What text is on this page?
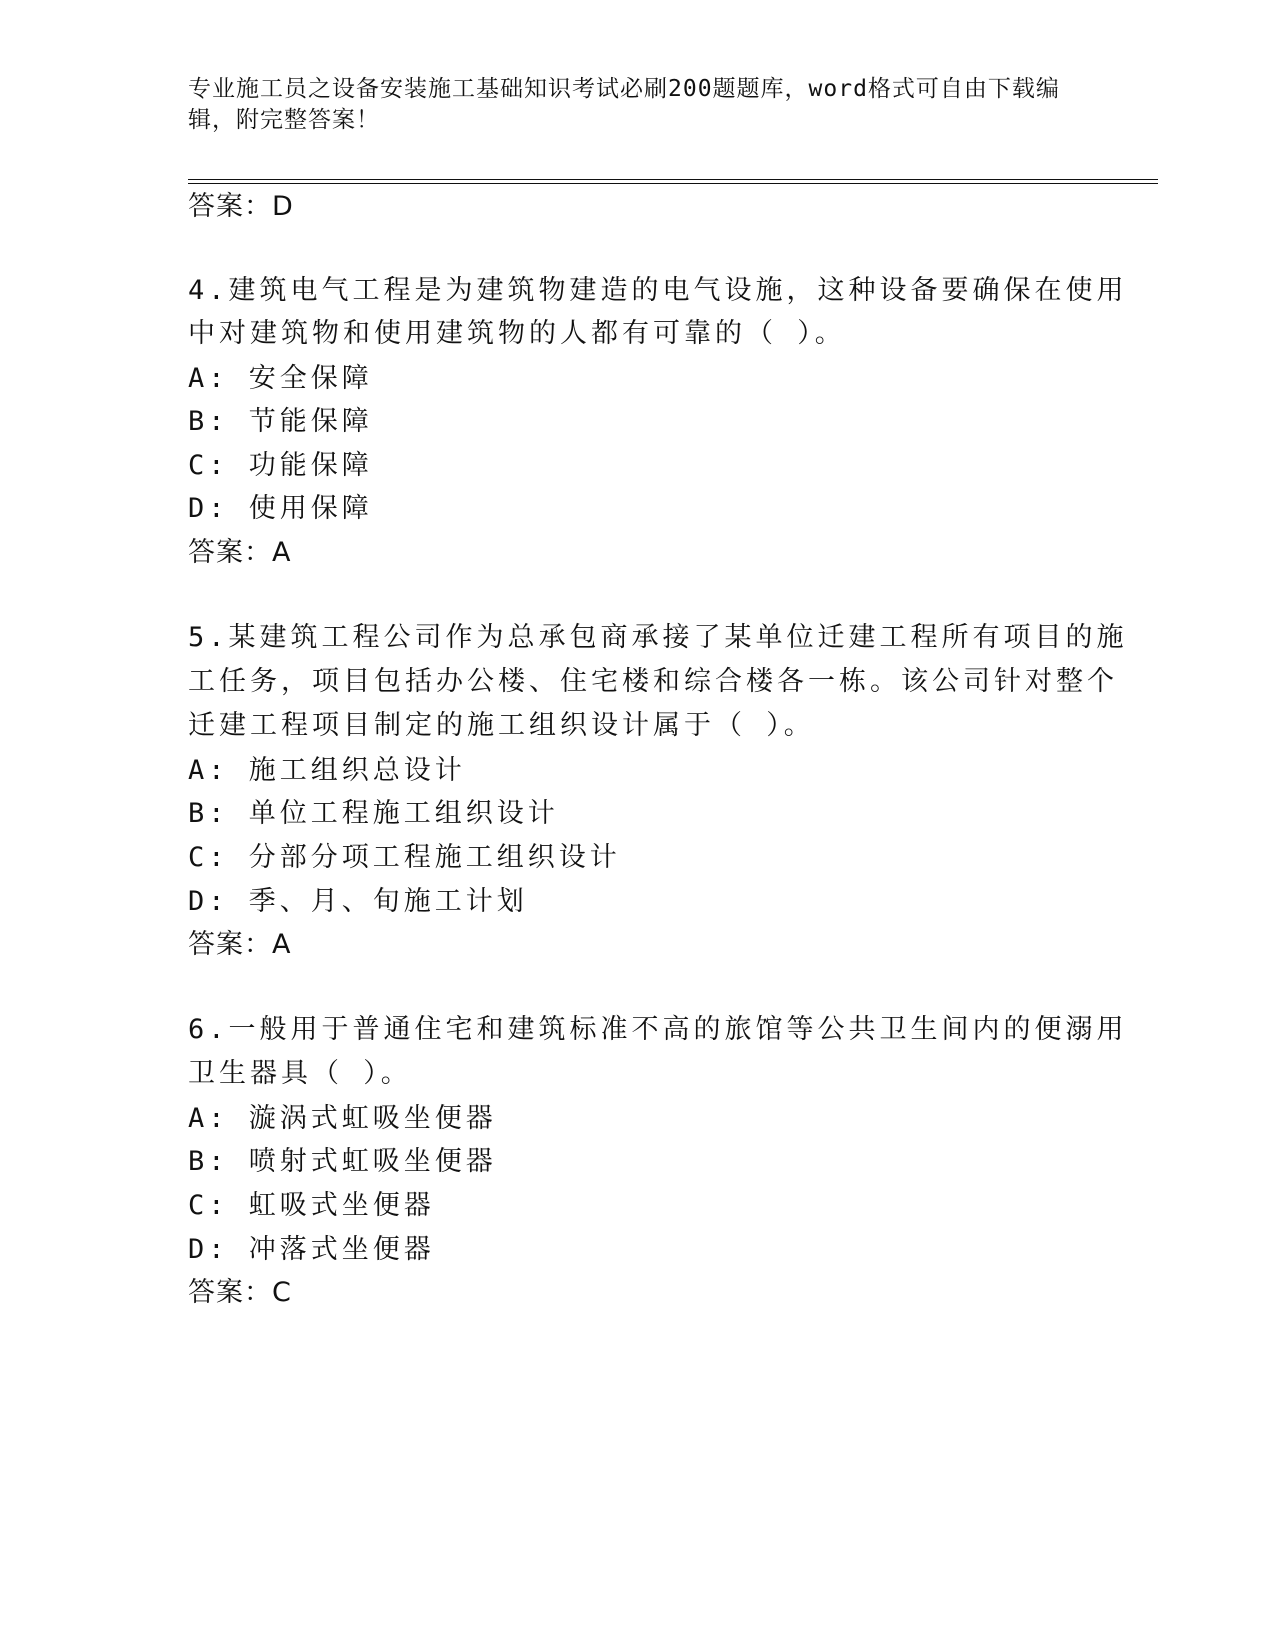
专业施工员之设备安装施工基础知识考试必刷200题题库，word格式可自由下载编辑，附完整答案！
答案：D
4.建筑电气工程是为建筑物建造的电气设施，这种设备要确保在使用
中对建筑物和使用建筑物的人都有可靠的（ ）。
A: 安全保障
B: 节能保障
C: 功能保障
D: 使用保障
答案：A
5.某建筑工程公司作为总承包商承接了某单位迁建工程所有项目的施
工任务，项目包括办公楼、住宅楼和综合楼各一栋。该公司针对整个
迁建工程项目制定的施工组织设计属于（ ）。
A: 施工组织总设计
B: 单位工程施工组织设计
C: 分部分项工程施工组织设计
D: 季、月、旬施工计划
答案：A
6.一般用于普通住宅和建筑标准不高的旅馆等公共卫生间内的便溺用
卫生器具（ ）。
A: 漩涡式虹吸坐便器
B: 喷射式虹吸坐便器
C: 虹吸式坐便器
D: 冲落式坐便器
答案：C
